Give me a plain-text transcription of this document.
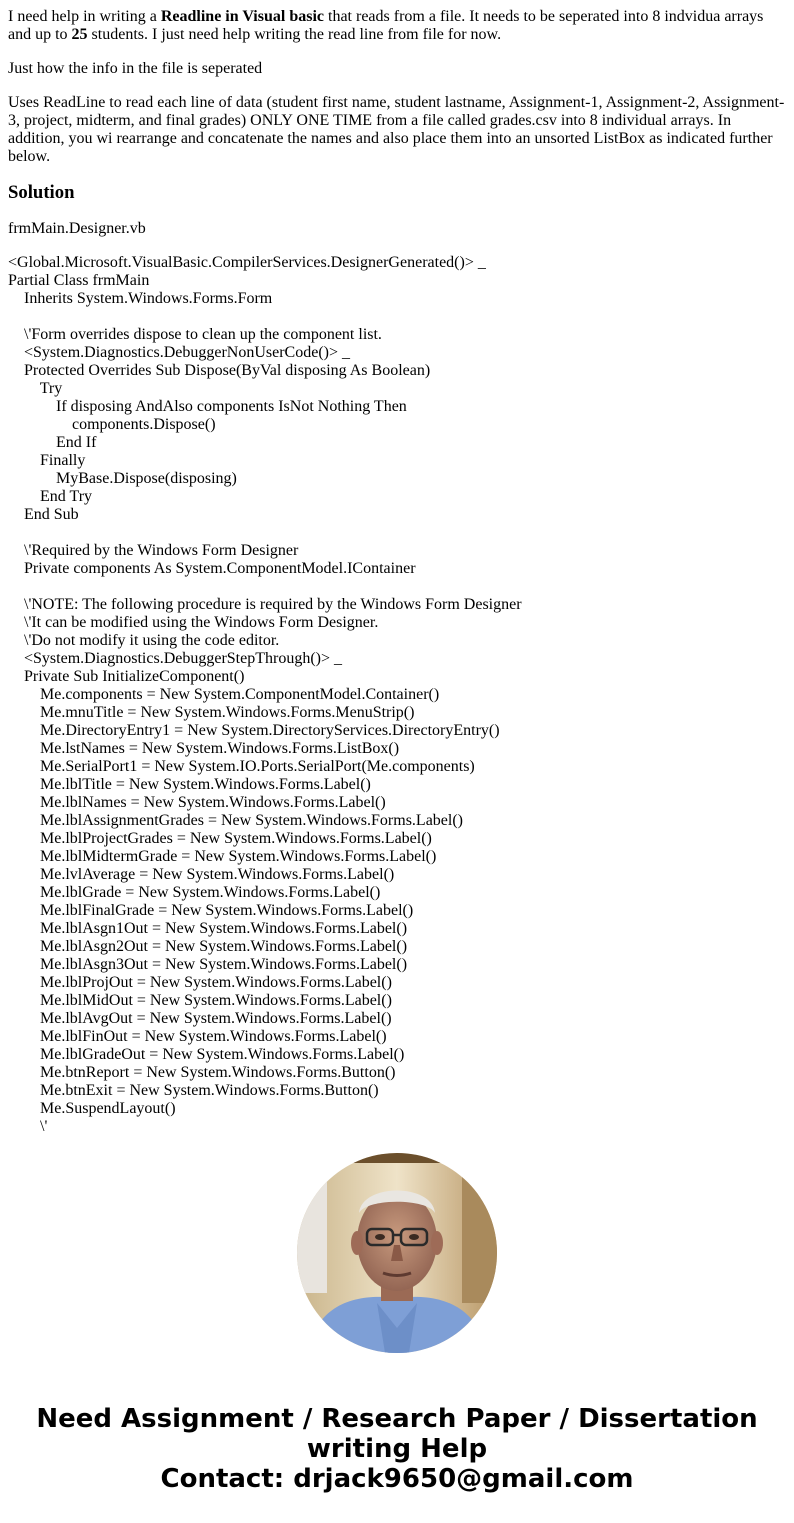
I need help in writing a Readline in Visual basic that reads from a file. It needs to be seperated into 8 indvidua arrays and up to 25 students. I just need help writing the read line from file for now.

Just how the info in the file is seperated

Uses ReadLine to read each line of data (student first name, student lastname, Assignment-1, Assignment-2, Assignment-3, project, midterm, and final grades) ONLY ONE TIME from a file called grades.csv into 8 individual arrays. In addition, you wi rearrange and concatenate the names and also place them into an unsorted ListBox as indicated further below.

Solution

frmMain.Designer.vb

<Global.Microsoft.VisualBasic.CompilerServices.DesignerGenerated()> _
Partial Class frmMain
Inherits System.Windows.Forms.Form
\'Form overrides dispose to clean up the component list.
<System.Diagnostics.DebuggerNonUserCode()> _
Protected Overrides Sub Dispose(ByVal disposing As Boolean)
Try
If disposing AndAlso components IsNot Nothing Then
components.Dispose()
End If
Finally
MyBase.Dispose(disposing)
End Try
End Sub
\'Required by the Windows Form Designer
Private components As System.ComponentModel.IContainer
\'NOTE: The following procedure is required by the Windows Form Designer
\'It can be modified using the Windows Form Designer.
\'Do not modify it using the code editor.
<System.Diagnostics.DebuggerStepThrough()> _
Private Sub InitializeComponent()
Me.components = New System.ComponentModel.Container()
Me.mnuTitle = New System.Windows.Forms.MenuStrip()
Me.DirectoryEntry1 = New System.DirectoryServices.DirectoryEntry()
Me.lstNames = New System.Windows.Forms.ListBox()
Me.SerialPort1 = New System.IO.Ports.SerialPort(Me.components)
Me.lblTitle = New System.Windows.Forms.Label()
Me.lblNames = New System.Windows.Forms.Label()
Me.lblAssignmentGrades = New System.Windows.Forms.Label()
Me.lblProjectGrades = New System.Windows.Forms.Label()
Me.lblMidtermGrade = New System.Windows.Forms.Label()
Me.lvlAverage = New System.Windows.Forms.Label()
Me.lblGrade = New System.Windows.Forms.Label()
Me.lblFinalGrade = New System.Windows.Forms.Label()
Me.lblAsgn1Out = New System.Windows.Forms.Label()
Me.lblAsgn2Out = New System.Windows.Forms.Label()
Me.lblAsgn3Out = New System.Windows.Forms.Label()
Me.lblProjOut = New System.Windows.Forms.Label()
Me.lblMidOut = New System.Windows.Forms.Label()
Me.lblAvgOut = New System.Windows.Forms.Label()
Me.lblFinOut = New System.Windows.Forms.Label()
Me.lblGradeOut = New System.Windows.Forms.Label()
Me.btnReport = New System.Windows.Forms.Button()
Me.btnExit = New System.Windows.Forms.Button()
Me.SuspendLayout()
\'
Need Assignment / Research Paper / Dissertation
writing Help
Contact: drjack9650@gmail.com
